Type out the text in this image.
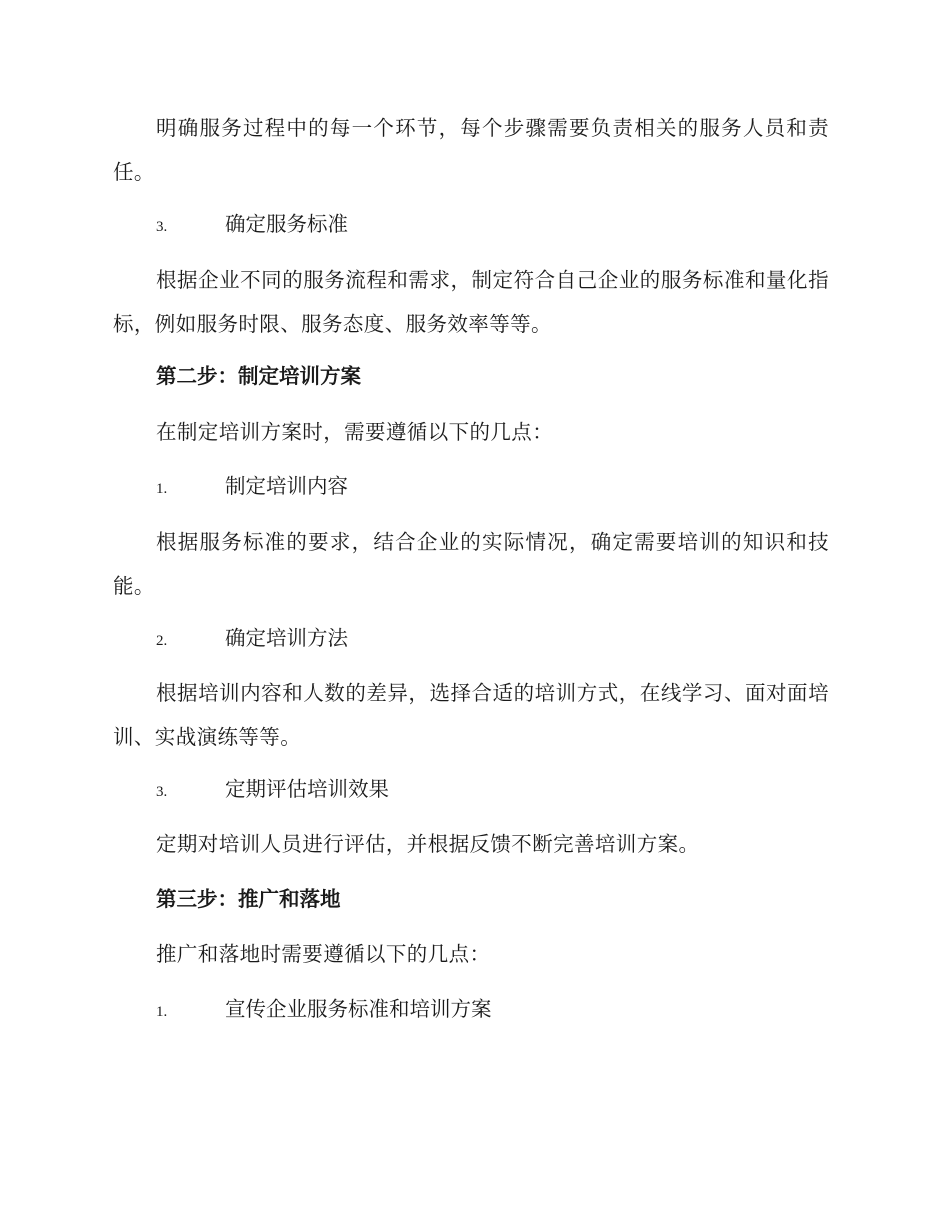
明确服务过程中的每一个环节，每个步骤需要负责相关的服务人员和责任。
3.	确定服务标准
根据企业不同的服务流程和需求，制定符合自己企业的服务标准和量化指标，例如服务时限、服务态度、服务效率等等。
第二步：制定培训方案
在制定培训方案时，需要遵循以下的几点：
1.	制定培训内容
根据服务标准的要求，结合企业的实际情况，确定需要培训的知识和技能。
2.	确定培训方法
根据培训内容和人数的差异，选择合适的培训方式，在线学习、面对面培训、实战演练等等。
3.	定期评估培训效果
定期对培训人员进行评估，并根据反馈不断完善培训方案。
第三步：推广和落地
推广和落地时需要遵循以下的几点：
1.	宣传企业服务标准和培训方案
